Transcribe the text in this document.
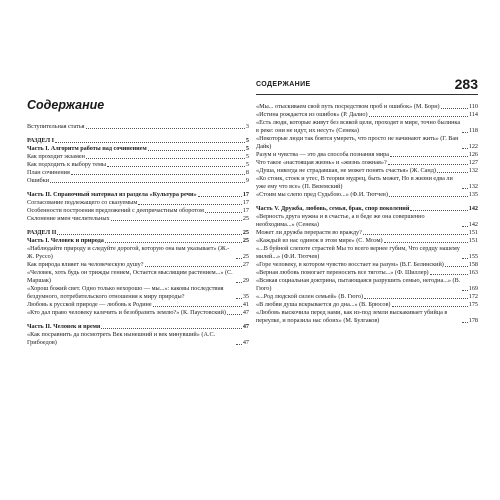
СОДЕРЖАНИЕ	283
Содержание
Вступительная статья	3
РАЗДЕЛ I	5
Часть I. Алгоритм работы над сочинением	5
Как проходит экзамен	5
Как подходить к выбору темы	5
План сочинения	8
Ошибки	9
Часть II. Справочный материал из раздела «Культура речи»	17
Согласование подлежащего со сказуемым	17
Особенности построения предложений с деепричастным оборотом	17
Склонение имен числительных	25
РАЗДЕЛ II	25
Часть I. Человек и природа	25
«Наблюдайте природу и следуйте дорогой, которую она вам указывает» (Ж.-Ж. Руссо)	25
Как природа влияет на человеческую душу?	27
«Человек, хоть будь он трижды гением, Остается мыслящим растением...» (С. Маршак)	29
«Хорош божий свет. Одно только нехорошо — мы...»: каковы последствия бездумного, потребительского отношения к миру природы?	35
Любовь к русской природе — любовь к Родине	41
«Кто дал право человеку калечить и безобразить землю?» (К. Паустовский)	47
Часть II. Человек и время	47
«Как посравнить да посмотреть Век нынешний и век минувший» (А.С. Грибоедов)	47
«Мы... отыскиваем свой путь посредством проб и ошибок» (М. Борн)	110
«Истина рождается из ошибок» (Р. Далио)	114
«Есть люди, которые живут без всякой цели, проходят в мире, точно былинка в реке: они не идут, их несут» (Сенека)	118
«Некоторые люди так боятся умереть, что просто не начинают жить» (Г. Ван Дайк)	122
Разум и чувства — это два способа познания мира	126
Что такое «настоящая жизнь» и «жизнь ложная»?	127
«Душа, никогда не страдавшая, не может понять счастья» (Ж. Санд)	132
«Ко стоик, стоек и утес, В теории мудрец, быть может, Но в жизни едва ли уже ему что все» (П. Вяземский)	132
«Стоим мы слепо пред Судьбою...» (Ф.И. Тютчев)	135
Часть V. Дружба, любовь, семья, брак, спор поколений	142
«Верность друга нужна и в счастье, а в беде же она совершенно необходима...» (Сенека)	142
Может ли дружба перерасти во вражду?	151
«Каждый из нас одинок в этом мире» (С. Моэм)	151
«...В буйной слепоте страстей Мы то всего вернее губим, Что сердцу нашему милей...» (Ф.И. Тютчев)	155
«Горе человеку, в котором чувство восстает на разум» (В.Г. Белинский)	158
«Верная любовь помогает переносить все тяготы...» (Ф. Шиллер)	163
«Всякая социальная доктрина, пытающаяся разрушить семью, негодна...» (В. Гюго)	169
«...Род людской силен семьей» (В. Гюго)	172
«В любви душа вскрывается до дна...» (В. Брюсов)	175
«Любовь выскочила перед нами, как из-под земли выскакивает убийца в переулке, и поразила нас обоих» (М. Булгаков)	178
